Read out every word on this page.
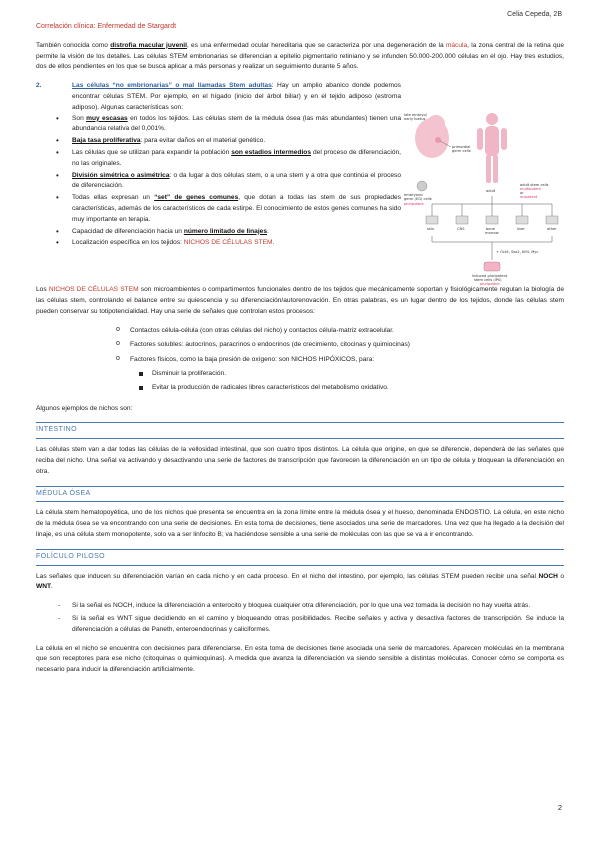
Celia Cepeda, 2B
Correlación clínica: Enfermedad de Stargardt

También conocida como distrofia macular juvenil, es una enfermedad ocular hereditaria que se caracteriza por una degeneración de la mácula, la zona central de la retina que permite la visión de los detalles. Las células STEM embrionarias se diferencian a epitelio pigmentario retiniano y se infunden 50.000-200.000 células en el ojo. Hay tres estudios, dos de ellos pendientes en los que se busca aplicar a más personas y realizar un seguimiento durante 5 años.

2.	Las células “no embrionarias” o mal llamadas Stem adultas: Hay un amplio abanico donde podemos encontrar células STEM. Por ejemplo, en el hígado (inicio del árbol biliar) y en el tejido adiposo (estroma adiposo). Algunas características son:
• Son muy escasas en todos los tejidos. Las células stem de la médula ósea (las más abundantes) tienen una abundancia relativa del 0,001%.
• Baja tasa proliferativa: para evitar daños en el material genético.
• Las células que se utilizan para expandir la población son estadios intermedios del proceso de diferenciación, no las originales.
• División simétrica o asimétrica: o da lugar a dos células stem, o a una stem y a otra que continúa el proceso de diferenciación.
• Todas ellas expresan un “set” de genes comunes, que dotan a todas las stem de sus propiedades características, además de los característicos de cada estirpe. El conocimiento de estos genes comunes ha sido muy importante en terapia.
• Capacidad de diferenciación hacia un número limitado de linajes.
• Localización específica en los tejidos: NICHOS DE CÉLULAS STEM.

Los NICHOS DE CÉLULAS STEM son microambientes o compartimentos funcionales dentro de los tejidos que mecánicamente soportan y fisiológicamente regulan la biología de las células stem, controlando el balance entre su quiescencia y su diferenciación/autorenovación. En otras palabras, es un lugar dentro de los tejidos, donde las células stem pueden conservar su totipotencialidad. Hay una serie de señales que controlan estos procesos:

o Contactos célula-célula (con otras células del nicho) y contactos célula-matriz extracelular.
o Factores solubles: autocrinos, paracrinos o endocrinos (de crecimiento, citocinas y quimiocinas)
o Factores físicos, como la baja presión de oxígeno: son NICHOS HIPÓXICOS, para:
Disminuir la proliferación.
Evitar la producción de radicales libres característicos del metabolismo oxidativo.

Algunos ejemplos de nichos son:

INTESTINO

Las células stem van a dar todas las células de la vellosidad intestinal, que son cuatro tipos distintos. La célula que origine, en que se diferencie, dependerá de las señales que reciba del nicho. Una señal va activando y desactivando una serie de factores de transcripción que favorecen la diferenciación en un tipo de célula y bloquean la diferenciación en otra.

MÉDULA ÓSEA

La célula stem hematopoyética, uno de los nichos que presenta se encuentra en la zona límite entre la médula ósea y el hueso, denominada ENDOSTIO. La célula, en este nicho de la médula ósea se va encontrando con una serie de decisiones. En esta toma de decisiones, tiene asociados una serie de marcadores. Una vez que ha llegado a la decisión del linaje, es una célula stem monopotente, solo va a ser linfocito B; va haciéndose sensible a una serie de moléculas con las que se va a ir encontrando.

FOLÍCULO PILOSO

Las señales que inducen su diferenciación varían en cada nicho y en cada proceso. En el nicho del intestino, por ejemplo, las células STEM pueden recibir una señal NOCH o WNT.

- Si la señal es NOCH, induce la diferenciación a enterocito y bloquea cualquier otra diferenciación, por lo que una vez tomada la decisión no hay vuelta atrás.
- Si la señal es WNT sigue decidiendo en el camino y bloqueando otras posibilidades. Recibe señales y activa y desactiva factores de transcripción. Se induce la diferenciación a células de Paneth, enteroendocrinas y caliciformes.

La célula en el nicho se encuentra con decisiones para diferenciarse. En esta toma de decisiones tiene asociada una serie de marcadores. Aparecen moléculas en la membrana que son receptores para ese nicho (citoquinas o quimioquinas). A medida que avanza la diferenciación va siendo sensible a distintas moléculas. Conocer cómo se comporta es necesario para inducir la diferenciación artificialmente.

late embryo/
early foetus
primordial
germ cells
embryonic
germ (EG) cells
pluripotent
adult
adult stem cells
multipotent
or
unipotent
skin	CNS	bone
marrow
liver	other
+ Oct4, Sox2, Klf4, Myc
induced pluripotent
stem cells (iPS)
pluripotent
2
